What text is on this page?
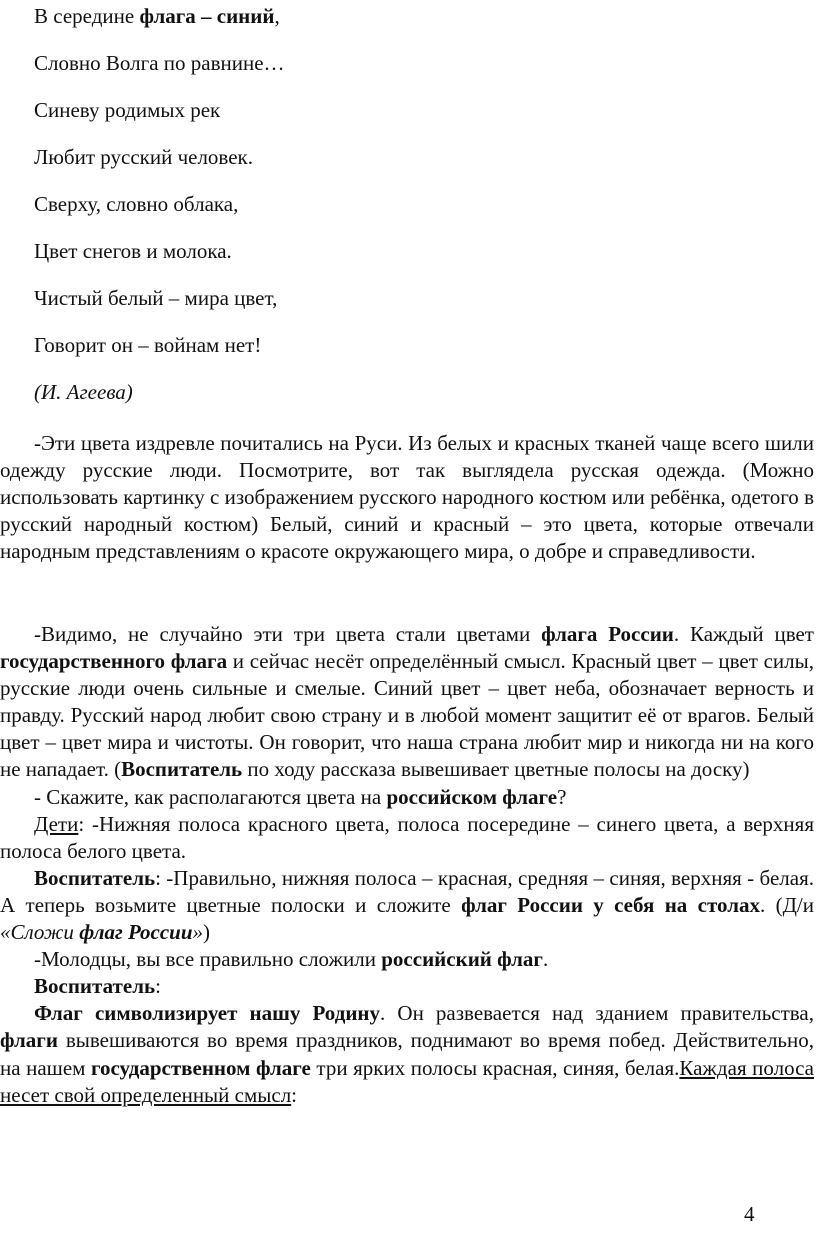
В середине флага – синий,
Словно Волга по равнине…
Синеву родимых рек
Любит русский человек.
Сверху, словно облака,
Цвет снегов и молока.
Чистый белый – мира цвет,
Говорит он – войнам нет!
(И. Агеева)

-Эти цвета издревле почитались на Руси. Из белых и красных тканей чаще всего шили одежду русские люди. Посмотрите, вот так выглядела русская одежда. (Можно использовать картинку с изображением русского народного костюм или ребёнка, одетого в русский народный костюм) Белый, синий и красный – это цвета, которые отвечали народным представлениям о красоте окружающего мира, о добре и справедливости.

-Видимо, не случайно эти три цвета стали цветами флага России. Каждый цвет государственного флага и сейчас несёт определённый смысл. Красный цвет – цвет силы, русские люди очень сильные и смелые. Синий цвет – цвет неба, обозначает верность и правду. Русский народ любит свою страну и в любой момент защитит её от врагов. Белый цвет – цвет мира и чистоты. Он говорит, что наша страна любит мир и никогда ни на кого не нападает. (Воспитатель по ходу рассказа вывешивает цветные полосы на доску)

- Скажите, как располагаются цвета на российском флаге?

Дети: -Нижняя полоса красного цвета, полоса посередине – синего цвета, а верхняя полоса белого цвета.

Воспитатель: -Правильно, нижняя полоса – красная, средняя – синяя, верхняя - белая. А теперь возьмите цветные полоски и сложите флаг России у себя на столах. (Д/и «Сложи флаг России»)

-Молодцы, вы все правильно сложили российский флаг.

Воспитатель:

Флаг символизирует нашу Родину. Он развевается над зданием правительства, флаги вывешиваются во время праздников, поднимают во время побед. Действительно, на нашем государственном флаге три ярких полосы красная, синяя, белая.Каждая полоса несет свой определенный смысл:

4
